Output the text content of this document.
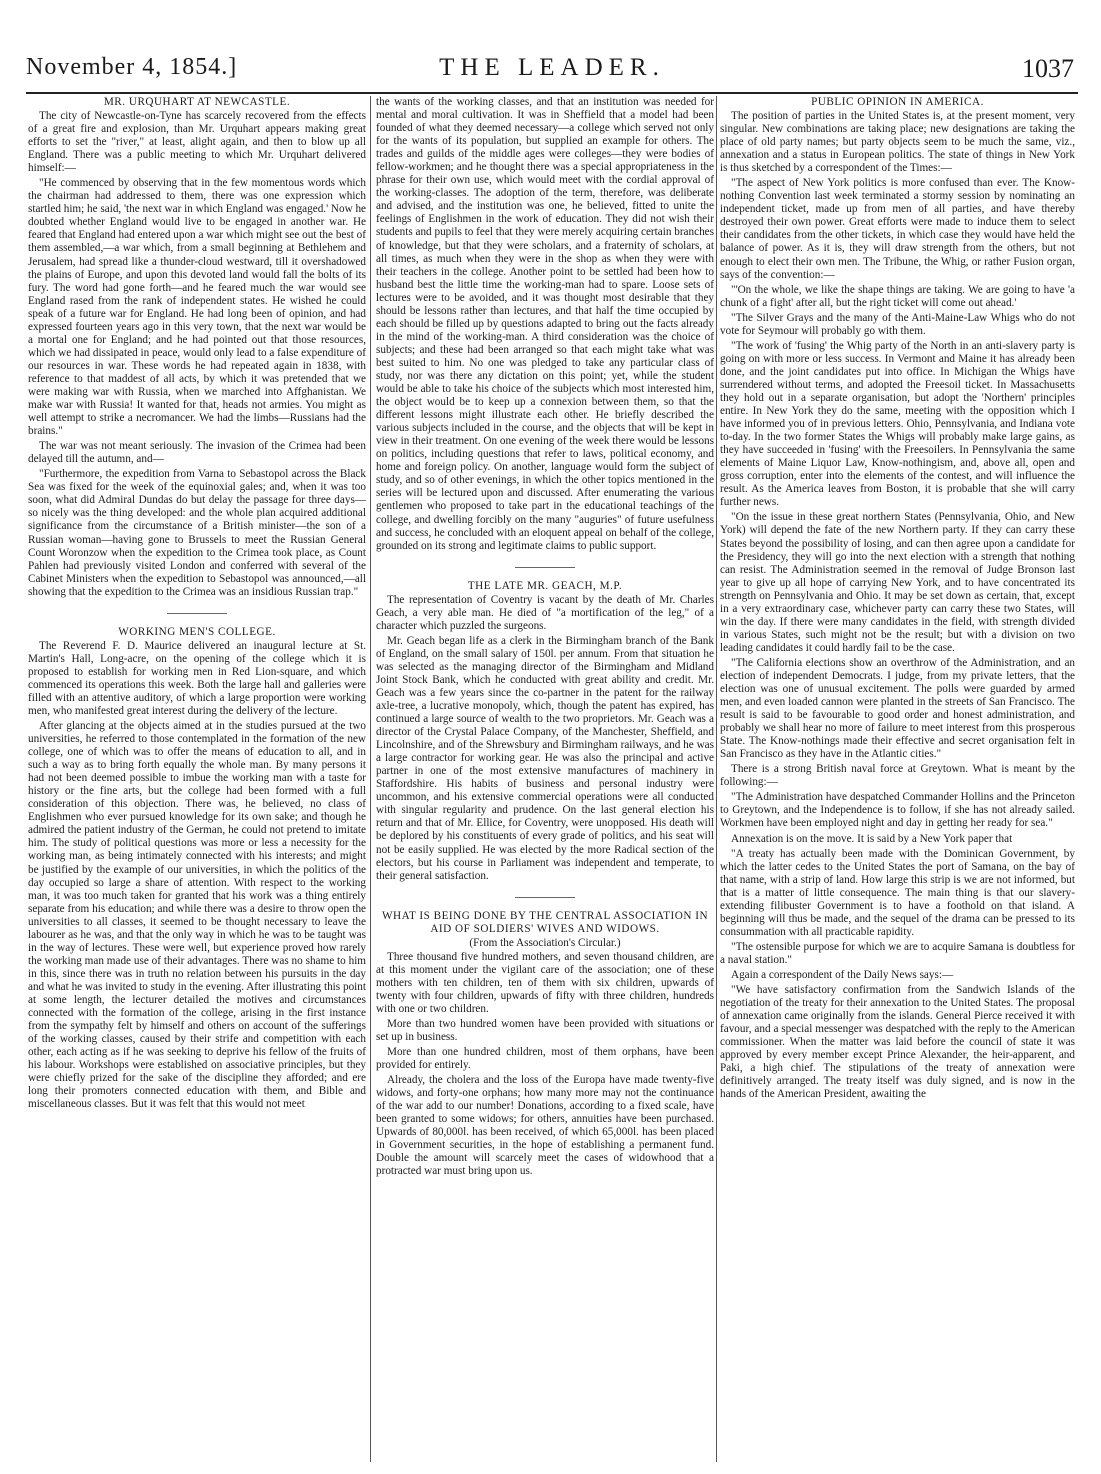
November 4, 1854.]	THE LEADER.	1037
MR. URQUHART AT NEWCASTLE.

The city of Newcastle-on-Tyne has scarcely recovered from the effects of a great fire and explosion, than Mr. Urquhart appears making great efforts to set the "river," at least, alight again, and then to blow up all England. There was a public meeting to which Mr. Urquhart delivered himself:—

"He commenced by observing that in the few momentous words which the chairman had addressed to them, there was one expression which startled him; he said, 'the next war in which England was engaged.' Now he doubted whether England would live to be engaged in another war. He feared that England had entered upon a war which might see out the best of them assembled,—a war which, from a small beginning at Bethlehem and Jerusalem, had spread like a thunder-cloud westward, till it overshadowed the plains of Europe, and upon this devoted land would fall the bolts of its fury. The word had gone forth—and he feared much the war would see England rased from the rank of independent states. He wished he could speak of a future war for England. He had long been of opinion, and had expressed fourteen years ago in this very town, that the next war would be a mortal one for England; and he had pointed out that those resources, which we had dissipated in peace, would only lead to a false expenditure of our resources in war. These words he had repeated again in 1838, with reference to that maddest of all acts, by which it was pretended that we were making war with Russia, when we marched into Affghanistan. We make war with Russia! It wanted for that, heads not armies. You might as well attempt to strike a necromancer. We had the limbs—Russians had the brains."

The war was not meant seriously. The invasion of the Crimea had been delayed till the autumn, and—

"Furthermore, the expedition from Varna to Sebastopol across the Black Sea was fixed for the week of the equinoxial gales; and, when it was too soon, what did Admiral Dundas do but delay the passage for three days—so nicely was the thing developed: and the whole plan acquired additional significance from the circumstance of a British minister—the son of a Russian woman—having gone to Brussels to meet the Russian General Count Woronzow when the expedition to the Crimea took place, as Count Pahlen had previously visited London and conferred with several of the Cabinet Ministers when the expedition to Sebastopol was announced,—all showing that the expedition to the Crimea was an insidious Russian trap."

WORKING MEN'S COLLEGE.

The Reverend F. D. Maurice delivered an inaugural lecture at St. Martin's Hall, Long-acre, on the opening of the college which it is proposed to establish for working men in Red Lion-square, and which commenced its operations this week. Both the large hall and galleries were filled with an attentive auditory, of which a large proportion were working men, who manifested great interest during the delivery of the lecture.

After glancing at the objects aimed at in the studies pursued at the two universities, he referred to those contemplated in the formation of the new college, one of which was to offer the means of education to all, and in such a way as to bring forth equally the whole man. By many persons it had not been deemed possible to imbue the working man with a taste for history or the fine arts, but the college had been formed with a full consideration of this objection. There was, he believed, no class of Englishmen who ever pursued knowledge for its own sake; and though he admired the patient industry of the German, he could not pretend to imitate him. The study of political questions was more or less a necessity for the working man, as being intimately connected with his interests; and might be justified by the example of our universities, in which the politics of the day occupied so large a share of attention. With respect to the working man, it was too much taken for granted that his work was a thing entirely separate from his education; and while there was a desire to throw open the universities to all classes, it seemed to be thought necessary to leave the labourer as he was, and that the only way in which he was to be taught was in the way of lectures. These were well, but experience proved how rarely the working man made use of their advantages. There was no shame to him in this, since there was in truth no relation between his pursuits in the day and what he was invited to study in the evening. After illustrating this point at some length, the lecturer detailed the motives and circumstances connected with the formation of the college, arising in the first instance from the sympathy felt by himself and others on account of the sufferings of the working classes, caused by their strife and competition with each other, each acting as if he was seeking to deprive his fellow of the fruits of his labour. Workshops were established on associative principles, but they were chiefly prized for the sake of the discipline they afforded; and ere long their promoters connected education with them, and Bible and miscellaneous classes. But it was felt that this would not meet

the wants of the working classes, and that an institution was needed for mental and moral cultivation. It was in Sheffield that a model had been founded of what they deemed necessary—a college which served not only for the wants of its population, but supplied an example for others. The trades and guilds of the middle ages were colleges—they were bodies of fellow-workmen; and he thought there was a special appropriateness in the phrase for their own use, which would meet with the cordial approval of the working-classes. The adoption of the term, therefore, was deliberate and advised, and the institution was one, he believed, fitted to unite the feelings of Englishmen in the work of education. They did not wish their students and pupils to feel that they were merely acquiring certain branches of knowledge, but that they were scholars, and a fraternity of scholars, at all times, as much when they were in the shop as when they were with their teachers in the college. Another point to be settled had been how to husband best the little time the working-man had to spare. Loose sets of lectures were to be avoided, and it was thought most desirable that they should be lessons rather than lectures, and that half the time occupied by each should be filled up by questions adapted to bring out the facts already in the mind of the working-man. A third consideration was the choice of subjects; and these had been arranged so that each might take what was best suited to him. No one was pledged to take any particular class of study, nor was there any dictation on this point; yet, while the student would be able to take his choice of the subjects which most interested him, the object would be to keep up a connexion between them, so that the different lessons might illustrate each other. He briefly described the various subjects included in the course, and the objects that will be kept in view in their treatment. On one evening of the week there would be lessons on politics, including questions that refer to laws, political economy, and home and foreign policy. On another, language would form the subject of study, and so of other evenings, in which the other topics mentioned in the series will be lectured upon and discussed. After enumerating the various gentlemen who proposed to take part in the educational teachings of the college, and dwelling forcibly on the many "auguries" of future usefulness and success, he concluded with an eloquent appeal on behalf of the college, grounded on its strong and legitimate claims to public support.

THE LATE MR. GEACH, M.P.

The representation of Coventry is vacant by the death of Mr. Charles Geach, a very able man. He died of "a mortification of the leg," of a character which puzzled the surgeons.

Mr. Geach began life as a clerk in the Birmingham branch of the Bank of England, on the small salary of 150l. per annum. From that situation he was selected as the managing director of the Birmingham and Midland Joint Stock Bank, which he conducted with great ability and credit. Mr. Geach was a few years since the co-partner in the patent for the railway axle-tree, a lucrative monopoly, which, though the patent has expired, has continued a large source of wealth to the two proprietors. Mr. Geach was a director of the Crystal Palace Company, of the Manchester, Sheffield, and Lincolnshire, and of the Shrewsbury and Birmingham railways, and he was a large contractor for working gear. He was also the principal and active partner in one of the most extensive manufactures of machinery in Staffordshire. His habits of business and personal industry were uncommon, and his extensive commercial operations were all conducted with singular regularity and prudence. On the last general election his return and that of Mr. Ellice, for Coventry, were unopposed. His death will be deplored by his constituents of every grade of politics, and his seat will not be easily supplied. He was elected by the more Radical section of the electors, but his course in Parliament was independent and temperate, to their general satisfaction.

WHAT IS BEING DONE BY THE CENTRAL ASSOCIATION IN AID OF SOLDIERS' WIVES AND WIDOWS.
(From the Association's Circular.)

Three thousand five hundred mothers, and seven thousand children, are at this moment under the vigilant care of the association; one of these mothers with ten children, ten of them with six children, upwards of twenty with four children, upwards of fifty with three children, hundreds with one or two children.

More than two hundred women have been provided with situations or set up in business.

More than one hundred children, most of them orphans, have been provided for entirely.

Already, the cholera and the loss of the Europa have made twenty-five widows, and forty-one orphans; how many more may not the continuance of the war add to our number! Donations, according to a fixed scale, have been granted to some widows; for others, annuities have been purchased. Upwards of 80,000l. has been received, of which 65,000l. has been placed in Government securities, in the hope of establishing a permanent fund. Double the amount will scarcely meet the cases of widowhood that a protracted war must bring upon us.

PUBLIC OPINION IN AMERICA.

The position of parties in the United States is, at the present moment, very singular. New combinations are taking place; new designations are taking the place of old party names; but party objects seem to be much the same, viz., annexation and a status in European politics. The state of things in New York is thus sketched by a correspondent of the Times:—

"The aspect of New York politics is more confused than ever. The Know-nothing Convention last week terminated a stormy session by nominating an independent ticket, made up from men of all parties, and have thereby destroyed their own power. Great efforts were made to induce them to select their candidates from the other tickets, in which case they would have held the balance of power. As it is, they will draw strength from the others, but not enough to elect their own men. The Tribune, the Whig, or rather Fusion organ, says of the convention:—

"'On the whole, we like the shape things are taking. We are going to have 'a chunk of a fight' after all, but the right ticket will come out ahead.'

"The Silver Grays and the many of the Anti-Maine-Law Whigs who do not vote for Seymour will probably go with them.

"The work of 'fusing' the Whig party of the North in an anti-slavery party is going on with more or less success. In Vermont and Maine it has already been done, and the joint candidates put into office. In Michigan the Whigs have surrendered without terms, and adopted the Freesoil ticket. In Massachusetts they hold out in a separate organisation, but adopt the 'Northern' principles entire. In New York they do the same, meeting with the opposition which I have informed you of in previous letters. Ohio, Pennsylvania, and Indiana vote to-day. In the two former States the Whigs will probably make large gains, as they have succeeded in 'fusing' with the Freesoilers. In Pennsylvania the same elements of Maine Liquor Law, Know-nothingism, and, above all, open and gross corruption, enter into the elements of the contest, and will influence the result. As the America leaves from Boston, it is probable that she will carry further news.

"On the issue in these great northern States (Pennsylvania, Ohio, and New York) will depend the fate of the new Northern party. If they can carry these States beyond the possibility of losing, and can then agree upon a candidate for the Presidency, they will go into the next election with a strength that nothing can resist. The Administration seemed in the removal of Judge Bronson last year to give up all hope of carrying New York, and to have concentrated its strength on Pennsylvania and Ohio. It may be set down as certain, that, except in a very extraordinary case, whichever party can carry these two States, will win the day. If there were many candidates in the field, with strength divided in various States, such might not be the result; but with a division on two leading candidates it could hardly fail to be the case.

"The California elections show an overthrow of the Administration, and an election of independent Democrats. I judge, from my private letters, that the election was one of unusual excitement. The polls were guarded by armed men, and even loaded cannon were planted in the streets of San Francisco. The result is said to be favourable to good order and honest administration, and probably we shall hear no more of failure to meet interest from this prosperous State. The Know-nothings made their effective and secret organisation felt in San Francisco as they have in the Atlantic cities."

There is a strong British naval force at Greytown. What is meant by the following:—

"The Administration have despatched Commander Hollins and the Princeton to Greytown, and the Independence is to follow, if she has not already sailed. Workmen have been employed night and day in getting her ready for sea."

Annexation is on the move. It is said by a New York paper that

"A treaty has actually been made with the Dominican Government, by which the latter cedes to the United States the port of Samana, on the bay of that name, with a strip of land. How large this strip is we are not informed, but that is a matter of little consequence. The main thing is that our slavery-extending filibuster Government is to have a foothold on that island. A beginning will thus be made, and the sequel of the drama can be pressed to its consummation with all practicable rapidity.

"The ostensible purpose for which we are to acquire Samana is doubtless for a naval station."

Again a correspondent of the Daily News says:—

"We have satisfactory confirmation from the Sandwich Islands of the negotiation of the treaty for their annexation to the United States. The proposal of annexation came originally from the islands. General Pierce received it with favour, and a special messenger was despatched with the reply to the American commissioner. When the matter was laid before the council of state it was approved by every member except Prince Alexander, the heir-apparent, and Paki, a high chief. The stipulations of the treaty of annexation were definitively arranged. The treaty itself was duly signed, and is now in the hands of the American President, awaiting the
